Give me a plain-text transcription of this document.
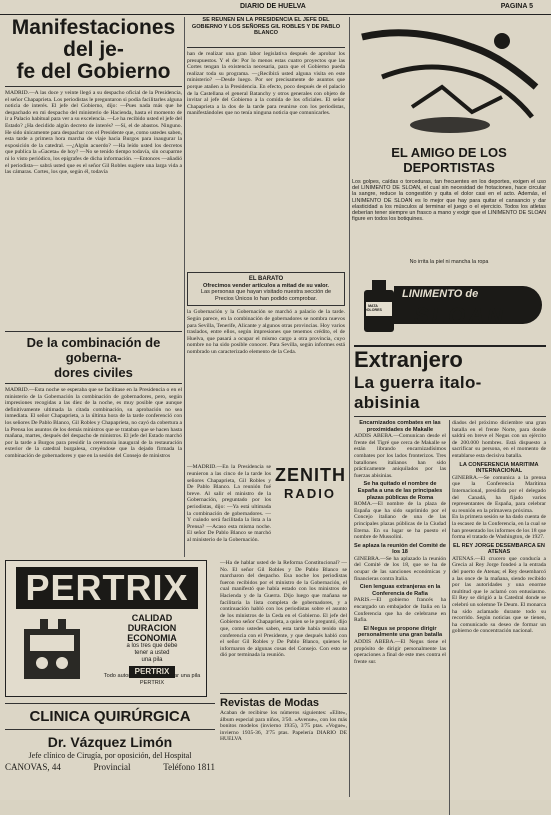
DIARIO DE HUELVA	PAGINA 5
Manifestaciones del je-
fe del Gobierno

MADRID.—A las doce y veinte llegó a su despacho oficial de la Presidencia, el señor Chapaprieta. Los periodistas le preguntaron si podía facilitarles alguna noticia de interés. El jefe del Gobierno, dijo: —Pues nada más que he despachado en mi despacho del ministerio de Hacienda, hasta el momento de ir a Palacio habitual para ver a su excelencia. —Le ha recibido usted el jefe del Estado? ¿Ha decidido algún decreto de interés? —Sí, el de abastos. Ninguno. He sido únicamente para despachar con el Presidente que, como ustedes saben, esta tarde a primera hora marcha de viaje hacia Burgos para inaugurar la exposición de la catedral. —¿Algún acuerdo? —Ha leído usted los decretos que publica la «Gaceta» de hoy? —No se tenido tiempo todavía, sin ocuparme ni lo visto periódico, los epígrafes de dicha información. —Entonces —añadió el periodista— sabrá usted que es el señor Gil Robles sugiere una larga vida a las cámaras. Cortes, los que, según él, todavía

De la combinación de goberna-
dores civiles

MADRID.—Esta noche se esperaba que se facilitase en la Presidencia o en el ministerio de la Gobernación la combinación de gobernadores, pero, según impresiones recogidas a las diez de la noche, es muy posible que aunque definitivamente ultimada la citada combinación, su aprobación no sea inmediata. El señor Chapaprieta, a la última hora de la tarde conferenció con los señores De Pablo Blanco, Gil Robles y Chapaprieta, no cayó da cobertura a la Prensa los asuntos de los demás ministros que se trataban que se hacen hasta mañana, martes, después del despacho de ministros. El jefe del Estado marchó por la tarde a Burgos para presidir la ceremonia inaugural de la restauración exterior de la catedral burgalesa, creyéndose que la dejado firmada la combinación de gobernadores y que en la sesión del Consejo de ministros

SE REUNEN EN LA PRESIDENCIA EL JEFE DEL GOBIERNO Y LOS SEÑORES GIL ROBLES Y DE PABLO BLANCO

han de realizar una gran labor legislativa después de aprobar los presupuestos. Y el de: Por lo menos estas cuatro proyectos que las Cortes tengan la existencia necesaria, para que el Gobierno pueda realizar toda su programa. —¿Recibirá usted alguna visita en este ministerio? —Desde luego. Por ser precisamente de asuntos que porque atañen a la Presidencia. En efecto, poco después de el palacio de la Castellana el general Batanchy y otros generales con objeto de invitar al jefe del Gobierno a la comida de los oficiales. El señor Chapaprieta a la dos de la tarde para reunirse con los periodistas, manifestándoles que no tenía ninguna noticia que comunicarles.

EL BARATO
Ofrecimos vender artículos a mitad de su valor.
Las personas que hayan visitado nuestra sección de Precios Únicos lo han podido comprobar.

la Gobernación y la Gobernación se marchó a palacio de la tarde. Según parece, en la combinación de gobernadores se nombra nuevos para Sevilla, Tenerife, Alicante y algunos otras provincias. Hoy varios traslados, entre ellos, según impresiones que tenemos crédito, el de Huelva, que pasará a ocupar el mismo cargo a otra provincia, cuyo nombre no ha sido posible conocer. Para Sevilla, según informes está nombrado un caracterizado elemento de la Ceda.

—MADRID.—En la Presidencia se reunieron a las cinco de la tarde los señores Chapaprieta, Gil Robles y De Pablo Blanco. La reunión fué breve. Al salir el ministro de la Gobernación, preguntado por los periodistas, dijo: —Ya está ultimada la combinación de gobernadores. —Y cuándo será facilitada la lista a la Prensa? —Acaso esta misma noche. El señor De Pablo Blanco se marchó al ministerio de la Gobernación.

ZENITH
RADIO

—Ha de hablar usted de la Reforma Constitucional? —No. El señor Gil Robles y De Pablo Blanco se marcharon del despacho. Esa noche los periodistas fueron recibidos por el ministro de la Gobernación, el cual manifestó que había estado con los ministros de Hacienda y de la Guerra. Dijo luego que mañana se facilitaría la lista completa de gobernadores, y a continuación habló con los periodistas sobre el asunto de los ministros de la Ceda en el Gobierno. El jefe del Gobierno señor Chapaprieta, a quien se le preguntó, dijo que, como ustedes saben, esta tarde había tenido una conferencia con el Presidente, y que después habló con el señor Gil Robles y De Pablo Blanco, quienes le informaron de algunas cosas del Consejo. Con esto se dió por terminada la reunión.

Revistas de Modas

Acaban de recibirse los números siguientes: «Elite», álbum especial para niños, 3'50. «Avenue», con los más bonitos modelos (invierno 1935), 3'75 ptas. «Vogue», invierno 1935-36, 3'75 ptas. Papelería DIARIO DE HUELVA

PERTRIX
CALIDAD
DURACION
ECONOMIA
a los tres que debe
tener a usted
una pila
PERTRIX
Todo automovilista debe llevar una pila PERTRIX
CLINICA QUIRÚRGICA
Dr. Vázquez Limón
Jefe clínico de Cirugía, por oposición, del Hospital
CANOVAS, 44	Provincial	Teléfono 1811
EL AMIGO DE LOS
DEPORTISTAS

Los golpes, caídas o torceduras, tan frecuentes en los deportes, exigen el uso del LINIMENTO DE SLOAN, el cual sin necesidad de frotaciones, hace circular la sangre, reduce la congestión y quita el dolor casi en el acto. Además, el LINIMENTO DE SLOAN es lo mejor que hay para quitar el cansancio y dar elasticidad a los músculos al terminar el juego o el ejercicio. Todos los atletas deberían tener siempre un frasco a mano y exigir que el LINIMENTO DE SLOAN figure en todos los botiquines.

No irrita la piel ni mancha la ropa

MATA DOLORES
LINIMENTO de
SLOAN
Extranjero
La guerra italo-abisinia

Encarnizados combates en las proximidades de Makalle

ADDIS ABEBA.—Comunican desde el frente del Tigré que cerca de Makalle se están librando encarnizadísimos combates por los lados fronterizos. Tres batallones italianos han sido prácticamente aniquilados por las fuerzas abisinias.

Se ha quitado el nombre de España a una de las principales plazas públicas de Roma

ROMA.—El nombre de la plaza de España que ha sido suprimido por el Concejo italiano de una de las principales plazas públicas de la Ciudad Eterna. En su lugar se ha puesto el nombre de Mussolini.

Se aplaza la reunión del Comité de los 18

GINEBRA.—Se ha aplazado la reunión del Comité de los 18, que se ha de ocupar de las sanciones económicas y financieras contra Italia.

Cien lenguas extranjeras en la Conferencia de Rafia

PARIS.—El gobierno francés ha encargado un embajador de Italia en la Conferencia que ha de celebrarse en Rafia.

El Negus se propone dirigir personalmente una gran batalla

ADDIS ABEBA.—El Negus tiene el propósito de dirigir personalmente las operaciones a final de este mes contra el frente sur.

diados del próximo diciembre una gran batalla en el frente Norte, para donde saldrá en breve el Negus con un ejército de 200.000 hombres. Está dispuesto a sacrificar su persona, en el momento de entablarse esta decisiva batalla.

LA CONFERENCIA MARITIMA INTERNACIONAL

GINEBRA.—Se comunica a la prensa que la Conferencia Marítima Internacional, presidida por el delegado del Canadá, ha fijado varios representantes de España, para celebrar su reunión en la primavera próxima.

En la primera sesión se ha dado cuenta de la escasez de la Conferencia, en la cual se han presentado los informes de los 18 que forma el tratado de Washington, de 1927.

EL REY JORGE DESEMBARCA EN ATENAS

ATENAS.—El crucero que conducía a Grecia al Rey Jorge fondeó a la entrada del puerto de Atenas; el Rey desembarcó a las once de la mañana, siendo recibido por las autoridades y una enorme multitud que le aclamó con entusiasmo. El Rey se dirigió a la Catedral donde se celebró un solemne Te Deum. El monarca ha sido aclamado durante todo su recorrido. Según noticias que se tienen, ha comunicado su deseo de formar un gobierno de concentración nacional.
